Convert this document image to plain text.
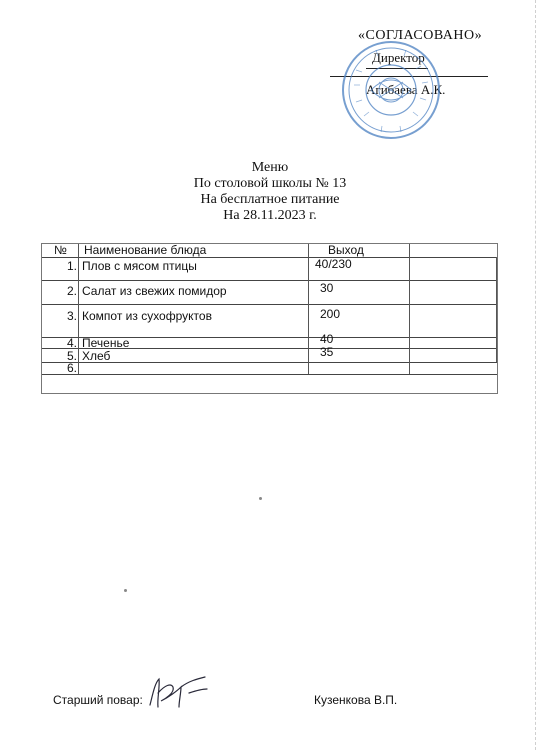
«СОГЛАСОВАНО»
Директор
Агибаева А.К.
Меню
По столовой школы № 13
На бесплатное питание
На 28.11.2023 г.
№ Наименование блюда	Выход
1. Плов с мясом птицы	40/230
2. Салат из свежих помидор	30
3. Компот из сухофруктов	200
4. Печенье	40
5. Хлеб	35
6.
Старший повар:	Кузенкова В.П.
